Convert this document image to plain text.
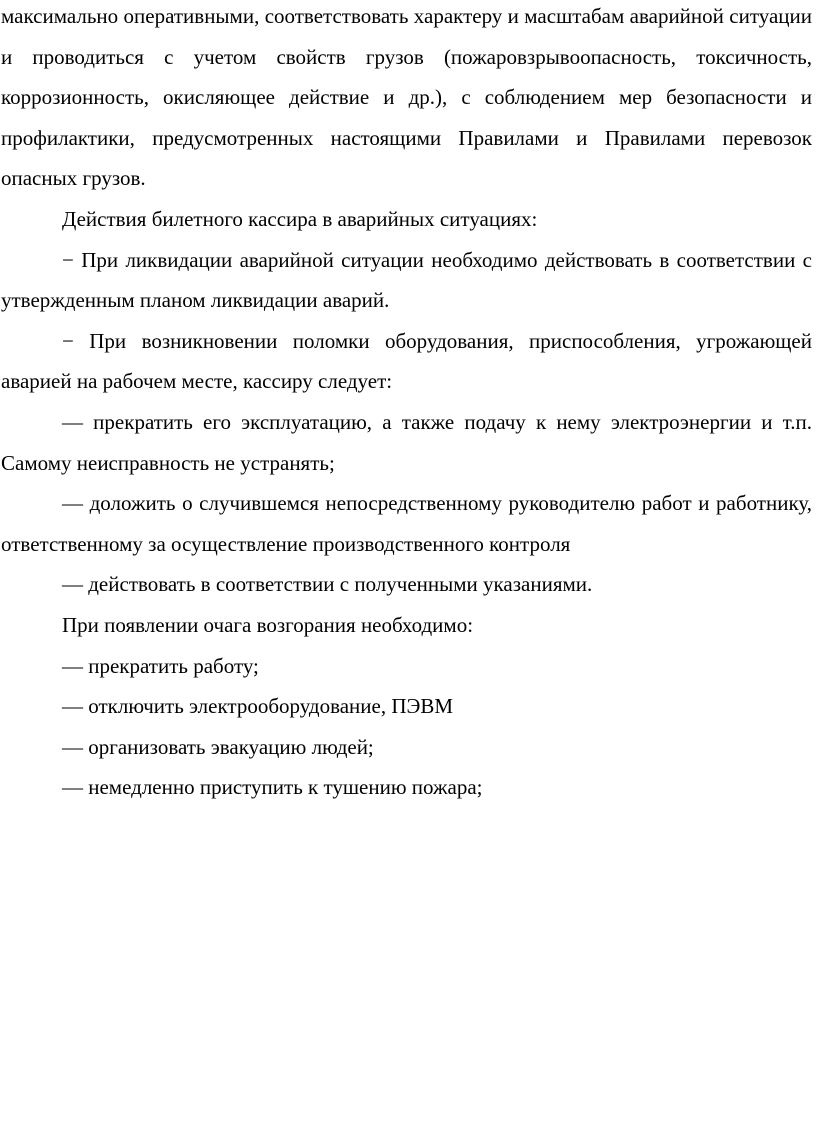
максимально оперативными, соответствовать характеру и масштабам аварийной ситуации и проводиться с учетом свойств грузов (пожаровзрывоопасность, токсичность, коррозионность, окисляющее действие и др.), с соблюдением мер безопасности и профилактики, предусмотренных настоящими Правилами и Правилами перевозок опасных грузов.

Действия билетного кассира в аварийных ситуациях:

− При ликвидации аварийной ситуации необходимо действовать в соответствии с утвержденным планом ликвидации аварий.

− При возникновении поломки оборудования, приспособления, угрожающей аварией на рабочем месте, кассиру следует:

— прекратить его эксплуатацию, а также подачу к нему электроэнергии и т.п. Самому неисправность не устранять;

— доложить о случившемся непосредственному руководителю работ и работнику, ответственному за осуществление производственного контроля

— действовать в соответствии с полученными указаниями.

При появлении очага возгорания необходимо:

— прекратить работу;

— отключить электрооборудование, ПЭВМ

— организовать эвакуацию людей;

— немедленно приступить к тушению пожара;
